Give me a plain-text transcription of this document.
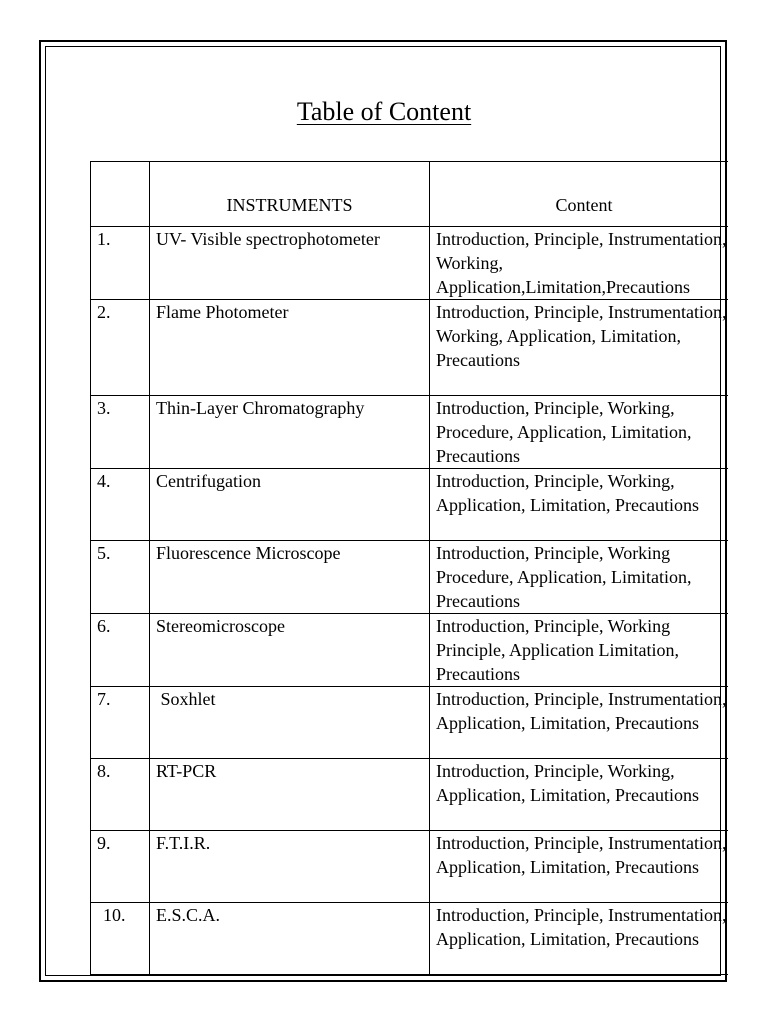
Table of Content
	INSTRUMENTS	Content
1.	UV- Visible spectrophotometer	Introduction, Principle, Instrumentation, Working, Application,Limitation,Precautions
2.	Flame Photometer	Introduction, Principle, Instrumentation, Working, Application, Limitation, Precautions
3.	Thin-Layer Chromatography	Introduction, Principle, Working, Procedure, Application, Limitation, Precautions
4.	Centrifugation	Introduction, Principle, Working, Application, Limitation, Precautions
5.	Fluorescence Microscope	Introduction, Principle, Working Procedure, Application, Limitation, Precautions
6.	Stereomicroscope	Introduction, Principle, Working Principle, Application Limitation, Precautions
7.	Soxhlet	Introduction, Principle, Instrumentation, Application, Limitation, Precautions
8.	RT-PCR	Introduction, Principle, Working, Application, Limitation, Precautions
9.	F.T.I.R.	Introduction, Principle, Instrumentation, Application, Limitation, Precautions
10.	E.S.C.A.	Introduction, Principle, Instrumentation, Application, Limitation, Precautions
